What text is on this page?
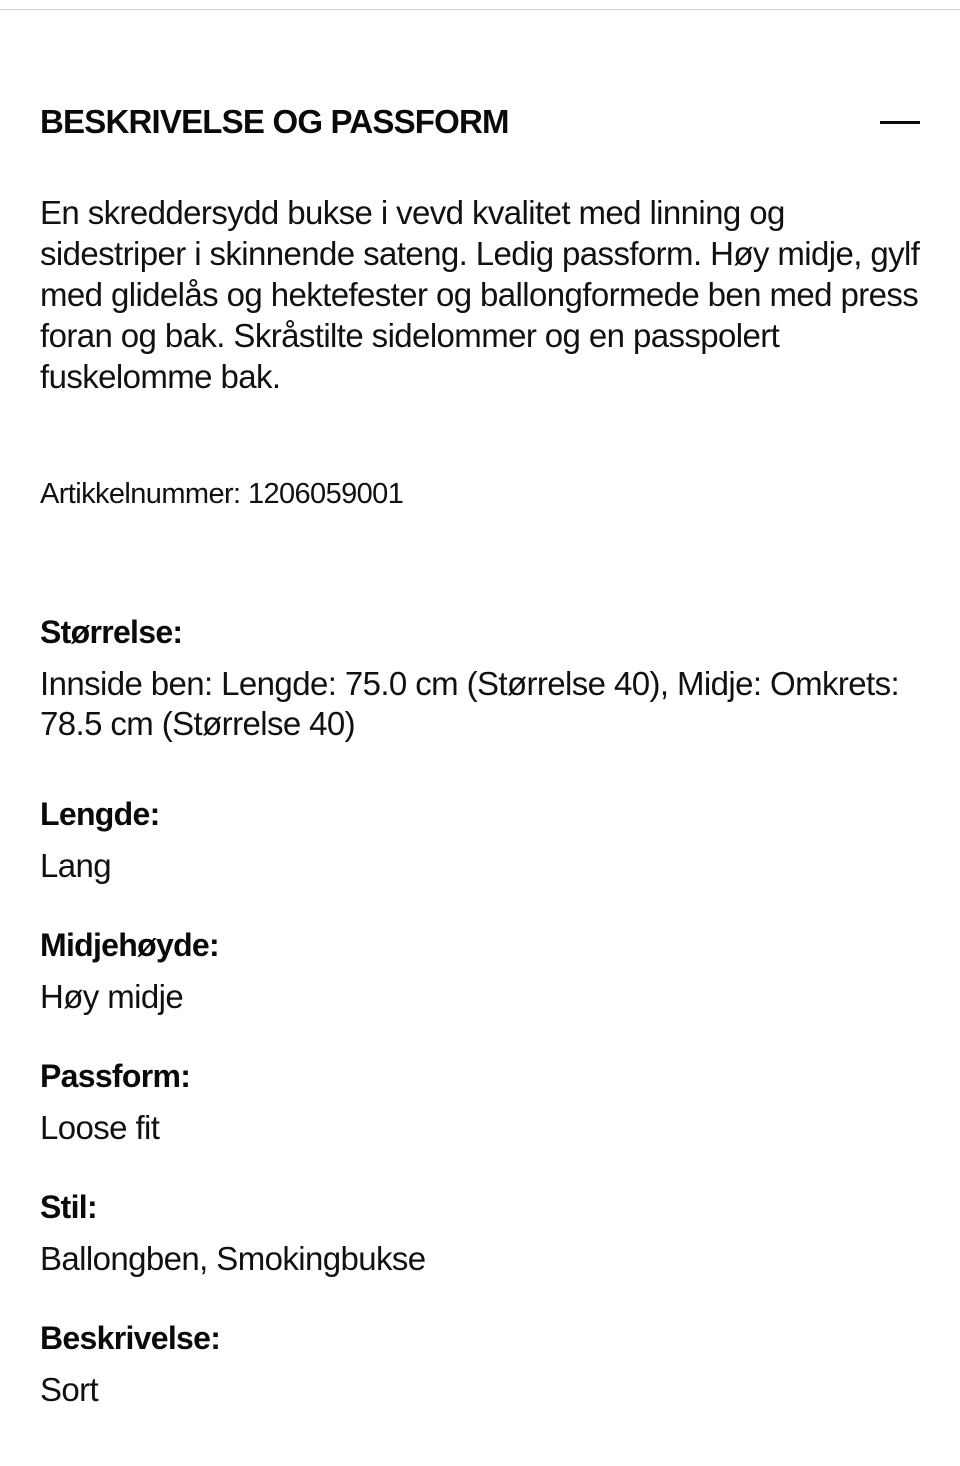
BESKRIVELSE OG PASSFORM
En skreddersydd bukse i vevd kvalitet med linning og sidestriper i skinnende sateng. Ledig passform. Høy midje, gylf med glidelås og hektefester og ballongformede ben med press foran og bak. Skråstilte sidelommer og en passpolert fuskelomme bak.
Artikkelnummer: 1206059001
Størrelse:
Innside ben: Lengde: 75.0 cm (Størrelse 40), Midje: Omkrets: 78.5 cm (Størrelse 40)
Lengde:
Lang
Midjehøyde:
Høy midje
Passform:
Loose fit
Stil:
Ballongben, Smokingbukse
Beskrivelse:
Sort
